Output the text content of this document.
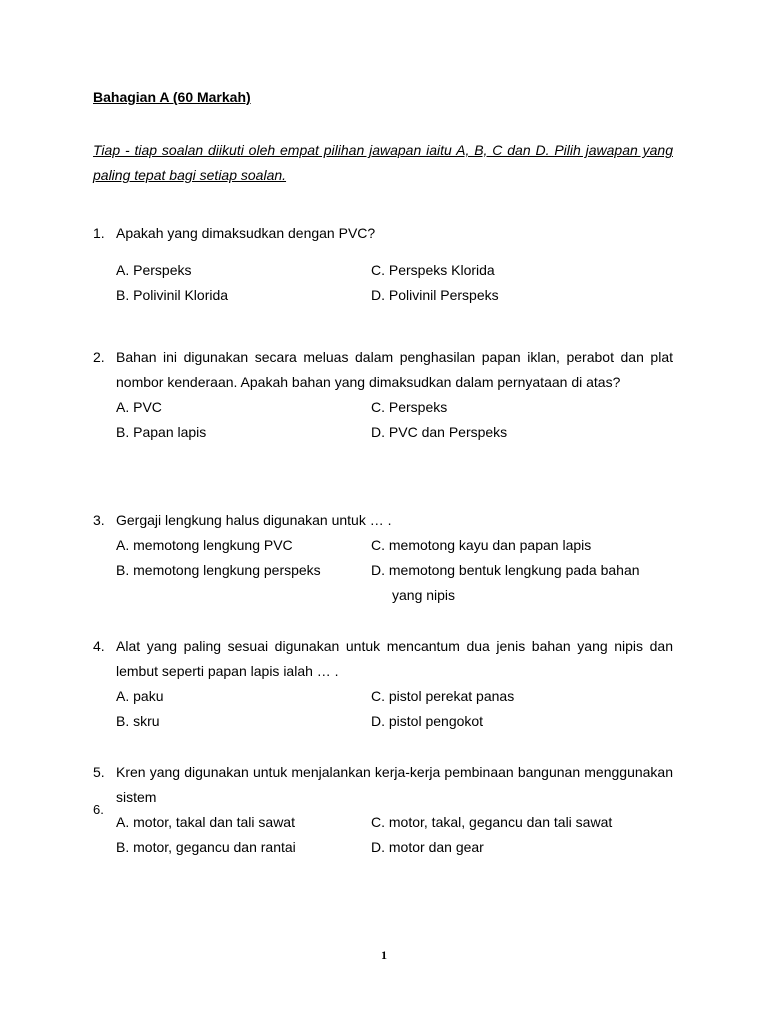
Bahagian A (60 Markah)
Tiap - tiap soalan diikuti oleh empat pilihan jawapan iaitu A, B, C dan D. Pilih jawapan yang paling tepat bagi setiap soalan.
1. Apakah yang dimaksudkan dengan PVC?
A. Perspeks	C. Perspeks Klorida
B. Polivinil Klorida	D. Polivinil Perspeks
2. Bahan ini digunakan secara meluas dalam penghasilan papan iklan, perabot dan plat nombor kenderaan. Apakah bahan yang dimaksudkan dalam pernyataan di atas?
A. PVC	C. Perspeks
B. Papan lapis	D. PVC dan Perspeks
3. Gergaji lengkung halus digunakan untuk … .
A. memotong lengkung PVC	C. memotong kayu dan papan lapis
B. memotong lengkung perspeks	D. memotong bentuk lengkung pada bahan
yang nipis
4. Alat yang paling sesuai digunakan untuk mencantum dua jenis bahan yang nipis dan lembut seperti papan lapis ialah … .
A. paku	C. pistol perekat panas
B. skru	D. pistol pengokot
5. Kren yang digunakan untuk menjalankan kerja-kerja pembinaan bangunan menggunakan sistem
A. motor, takal dan tali sawat	C. motor, takal, gegancu dan tali sawat
B. motor, gegancu dan rantai	D. motor dan gear
6.
1
